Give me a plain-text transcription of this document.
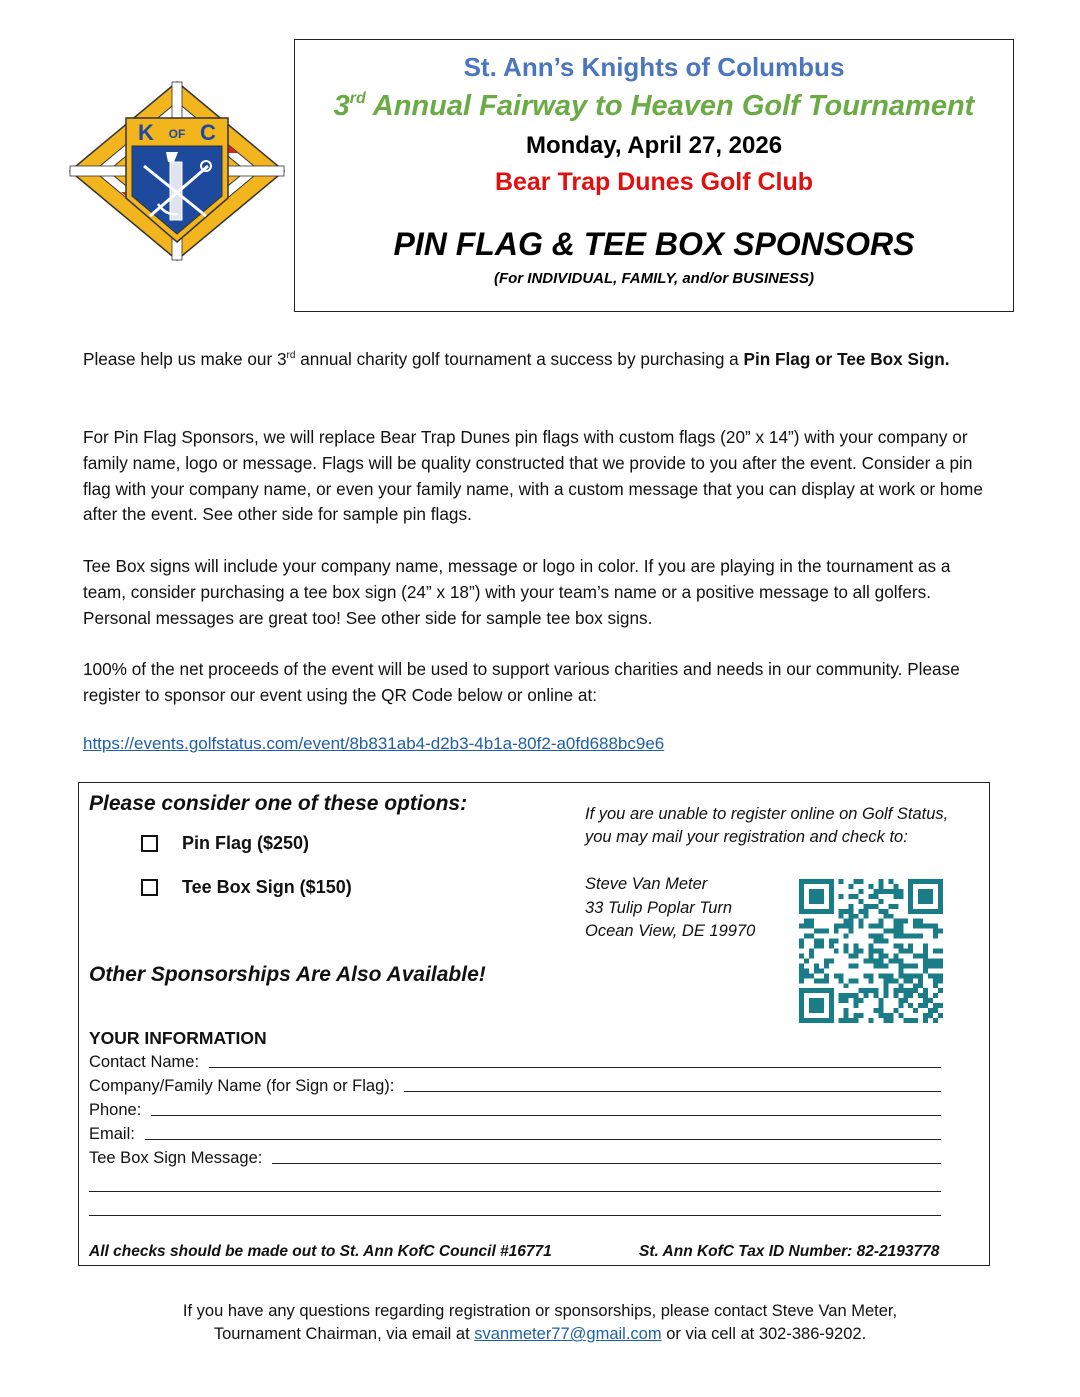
K OF C
St. Ann’s Knights of Columbus
3rd Annual Fairway to Heaven Golf Tournament
Monday, April 27, 2026
Bear Trap Dunes Golf Club
PIN FLAG & TEE BOX SPONSORS
(For INDIVIDUAL, FAMILY, and/or BUSINESS)
Please help us make our 3rd annual charity golf tournament a success by purchasing a Pin Flag or Tee Box Sign.
For Pin Flag Sponsors, we will replace Bear Trap Dunes pin flags with custom flags (20” x 14”) with your company or family name, logo or message. Flags will be quality constructed that we provide to you after the event. Consider a pin flag with your company name, or even your family name, with a custom message that you can display at work or home after the event. See other side for sample pin flags.
Tee Box signs will include your company name, message or logo in color. If you are playing in the tournament as a team, consider purchasing a tee box sign (24” x 18”) with your team’s name or a positive message to all golfers. Personal messages are great too! See other side for sample tee box signs.
100% of the net proceeds of the event will be used to support various charities and needs in our community. Please register to sponsor our event using the QR Code below or online at:
https://events.golfstatus.com/event/8b831ab4-d2b3-4b1a-80f2-a0fd688bc9e6
Please consider one of these options:
Pin Flag ($250)
Tee Box Sign ($150)
Other Sponsorships Are Also Available!
If you are unable to register online on Golf Status,
you may mail your registration and check to:
Steve Van Meter
33 Tulip Poplar Turn
Ocean View, DE 19970
YOUR INFORMATION
Contact Name:
Company/Family Name (for Sign or Flag):
Phone:
Email:
Tee Box Sign Message:
All checks should be made out to St. Ann KofC Council #16771	St. Ann KofC Tax ID Number: 82-2193778
If you have any questions regarding registration or sponsorships, please contact Steve Van Meter,
Tournament Chairman, via email at svanmeter77@gmail.com or via cell at 302-386-9202.
